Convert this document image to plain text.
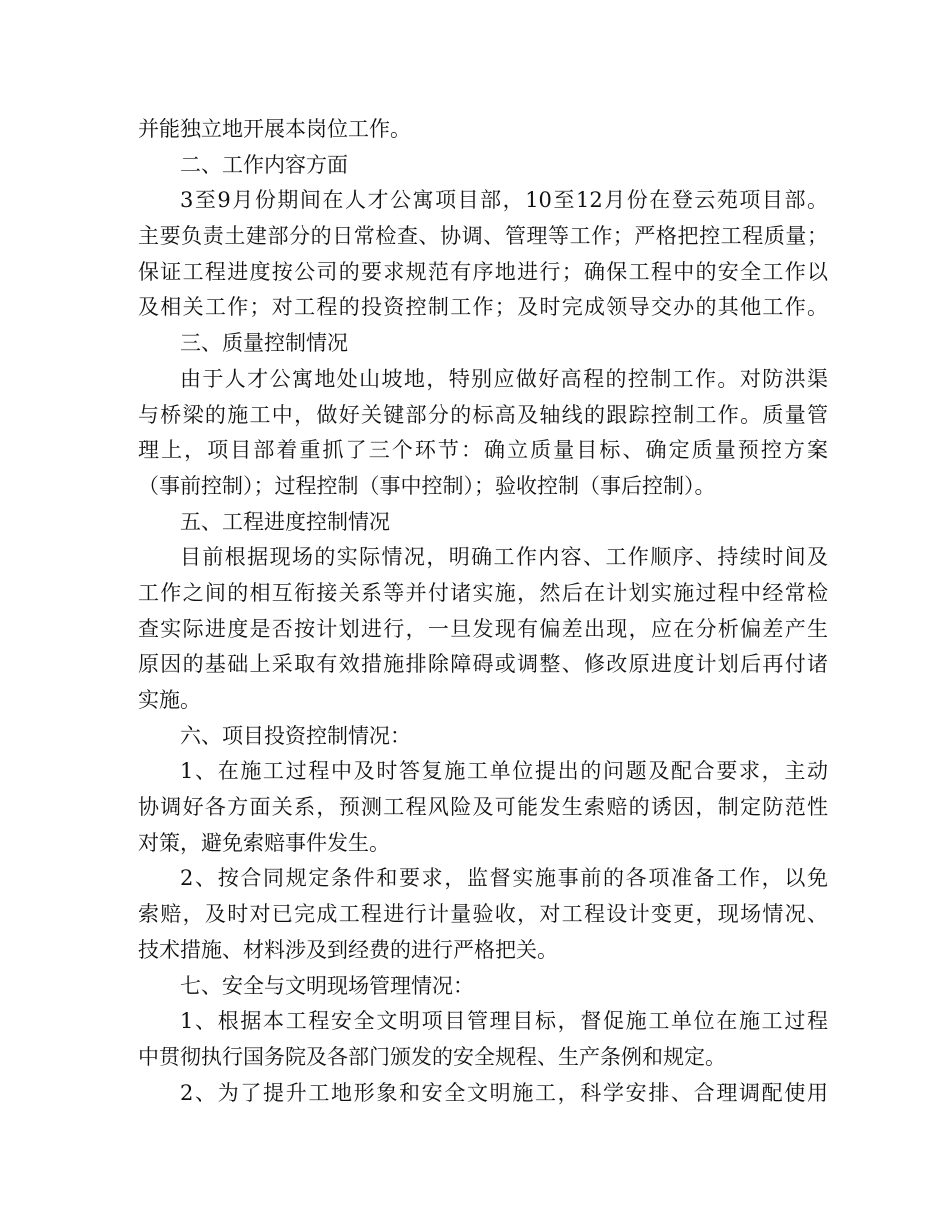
并能独立地开展本岗位工作。
二、工作内容方面
3至9月份期间在人才公寓项目部，10至12月份在登云苑项目部。
主要负责土建部分的日常检查、协调、管理等工作；严格把控工程质量；
保证工程进度按公司的要求规范有序地进行；确保工程中的安全工作以
及相关工作；对工程的投资控制工作；及时完成领导交办的其他工作。
三、质量控制情况
由于人才公寓地处山坡地，特别应做好高程的控制工作。对防洪渠
与桥梁的施工中，做好关键部分的标高及轴线的跟踪控制工作。质量管
理上，项目部着重抓了三个环节：确立质量目标、确定质量预控方案
（事前控制）；过程控制（事中控制）；验收控制（事后控制）。
五、工程进度控制情况
目前根据现场的实际情况，明确工作内容、工作顺序、持续时间及
工作之间的相互衔接关系等并付诸实施，然后在计划实施过程中经常检
查实际进度是否按计划进行，一旦发现有偏差出现，应在分析偏差产生
原因的基础上采取有效措施排除障碍或调整、修改原进度计划后再付诸
实施。
六、项目投资控制情况：
1、在施工过程中及时答复施工单位提出的问题及配合要求，主动
协调好各方面关系，预测工程风险及可能发生索赔的诱因，制定防范性
对策，避免索赔事件发生。
2、按合同规定条件和要求，监督实施事前的各项准备工作，以免
索赔，及时对已完成工程进行计量验收，对工程设计变更，现场情况、
技术措施、材料涉及到经费的进行严格把关。
七、安全与文明现场管理情况：
1、根据本工程安全文明项目管理目标，督促施工单位在施工过程
中贯彻执行国务院及各部门颁发的安全规程、生产条例和规定。
2、为了提升工地形象和安全文明施工，科学安排、合理调配使用
